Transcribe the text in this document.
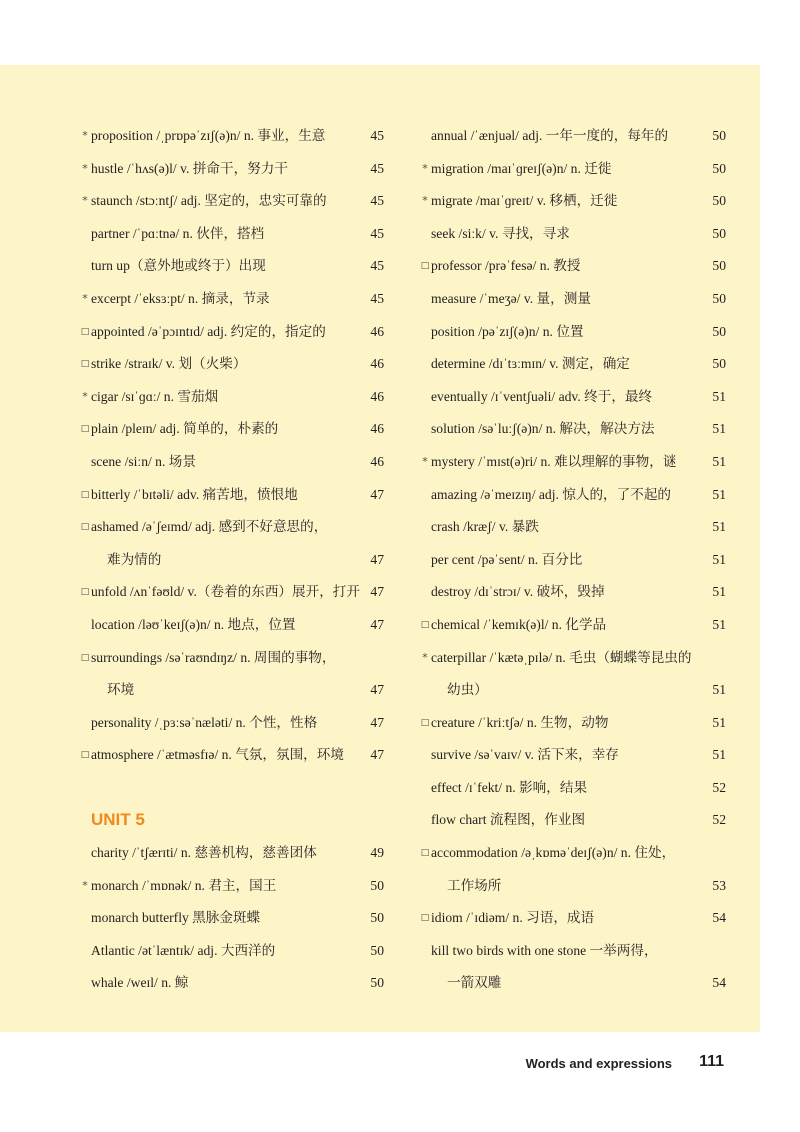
* proposition /ˌprɒpəˈzɪʃ(ə)n/ n. 事业，生意	45
* hustle /ˈhʌs(ə)l/ v. 拼命干，努力干	45
* staunch /stɔːntʃ/ adj. 坚定的，忠实可靠的	45
partner /ˈpɑːtnə/ n. 伙伴，搭档	45
turn up（意外地或终于）出现	45
* excerpt /ˈeksɜːpt/ n. 摘录，节录	45
□ appointed /əˈpɔɪntɪd/ adj. 约定的，指定的	46
□ strike /straɪk/ v. 划（火柴）	46
* cigar /sɪˈɡɑː/ n. 雪茄烟	46
□ plain /pleɪn/ adj. 简单的，朴素的	46
scene /siːn/ n. 场景	46
□ bitterly /ˈbɪtəli/ adv. 痛苦地，愤恨地	47
□ ashamed /əˈʃeɪmd/ adj. 感到不好意思的，
难为情的	47
□ unfold /ʌnˈfəʊld/ v.（卷着的东西）展开，打开 47
location /ləʊˈkeɪʃ(ə)n/ n. 地点，位置	47
□ surroundings /səˈraʊndɪŋz/ n. 周围的事物，
环境	47
personality /ˌpɜːsəˈnæləti/ n. 个性，性格	47
□ atmosphere /ˈætməsfɪə/ n. 气氛，氛围，环境 47
UNIT 5
charity /ˈtʃærɪti/ n. 慈善机构，慈善团体	49
* monarch /ˈmɒnək/ n. 君主，国王	50
monarch butterfly 黑脉金斑蝶	50
Atlantic /ətˈlæntɪk/ adj. 大西洋的	50
whale /weɪl/ n. 鲸	50
annual /ˈænjuəl/ adj. 一年一度的，每年的	50
* migration /maɪˈɡreɪʃ(ə)n/ n. 迁徙	50
* migrate /maɪˈɡreɪt/ v. 移栖，迁徙	50
seek /siːk/ v. 寻找，寻求	50
□ professor /prəˈfesə/ n. 教授	50
measure /ˈmeʒə/ v. 量，测量	50
position /pəˈzɪʃ(ə)n/ n. 位置	50
determine /dɪˈtɜːmɪn/ v. 测定，确定	50
eventually /ɪˈventʃuəli/ adv. 终于，最终	51
solution /səˈluːʃ(ə)n/ n. 解决，解决方法	51
* mystery /ˈmɪst(ə)ri/ n. 难以理解的事物，谜	51
amazing /əˈmeɪzɪŋ/ adj. 惊人的，了不起的	51
crash /kræʃ/ v. 暴跌	51
per cent /pəˈsent/ n. 百分比	51
destroy /dɪˈstrɔɪ/ v. 破坏，毁掉	51
□ chemical /ˈkemɪk(ə)l/ n. 化学品	51
* caterpillar /ˈkætəˌpɪlə/ n. 毛虫（蝴蝶等昆虫的
幼虫）	51
□ creature /ˈkriːtʃə/ n. 生物，动物	51
survive /səˈvaɪv/ v. 活下来，幸存	51
effect /ɪˈfekt/ n. 影响，结果	52
flow chart 流程图，作业图	52
□ accommodation /əˌkɒməˈdeɪʃ(ə)n/ n. 住处，
工作场所	53
□ idiom /ˈɪdiəm/ n. 习语，成语	54
kill two birds with one stone 一举两得，
一箭双雕	54
Words and expressions 111
